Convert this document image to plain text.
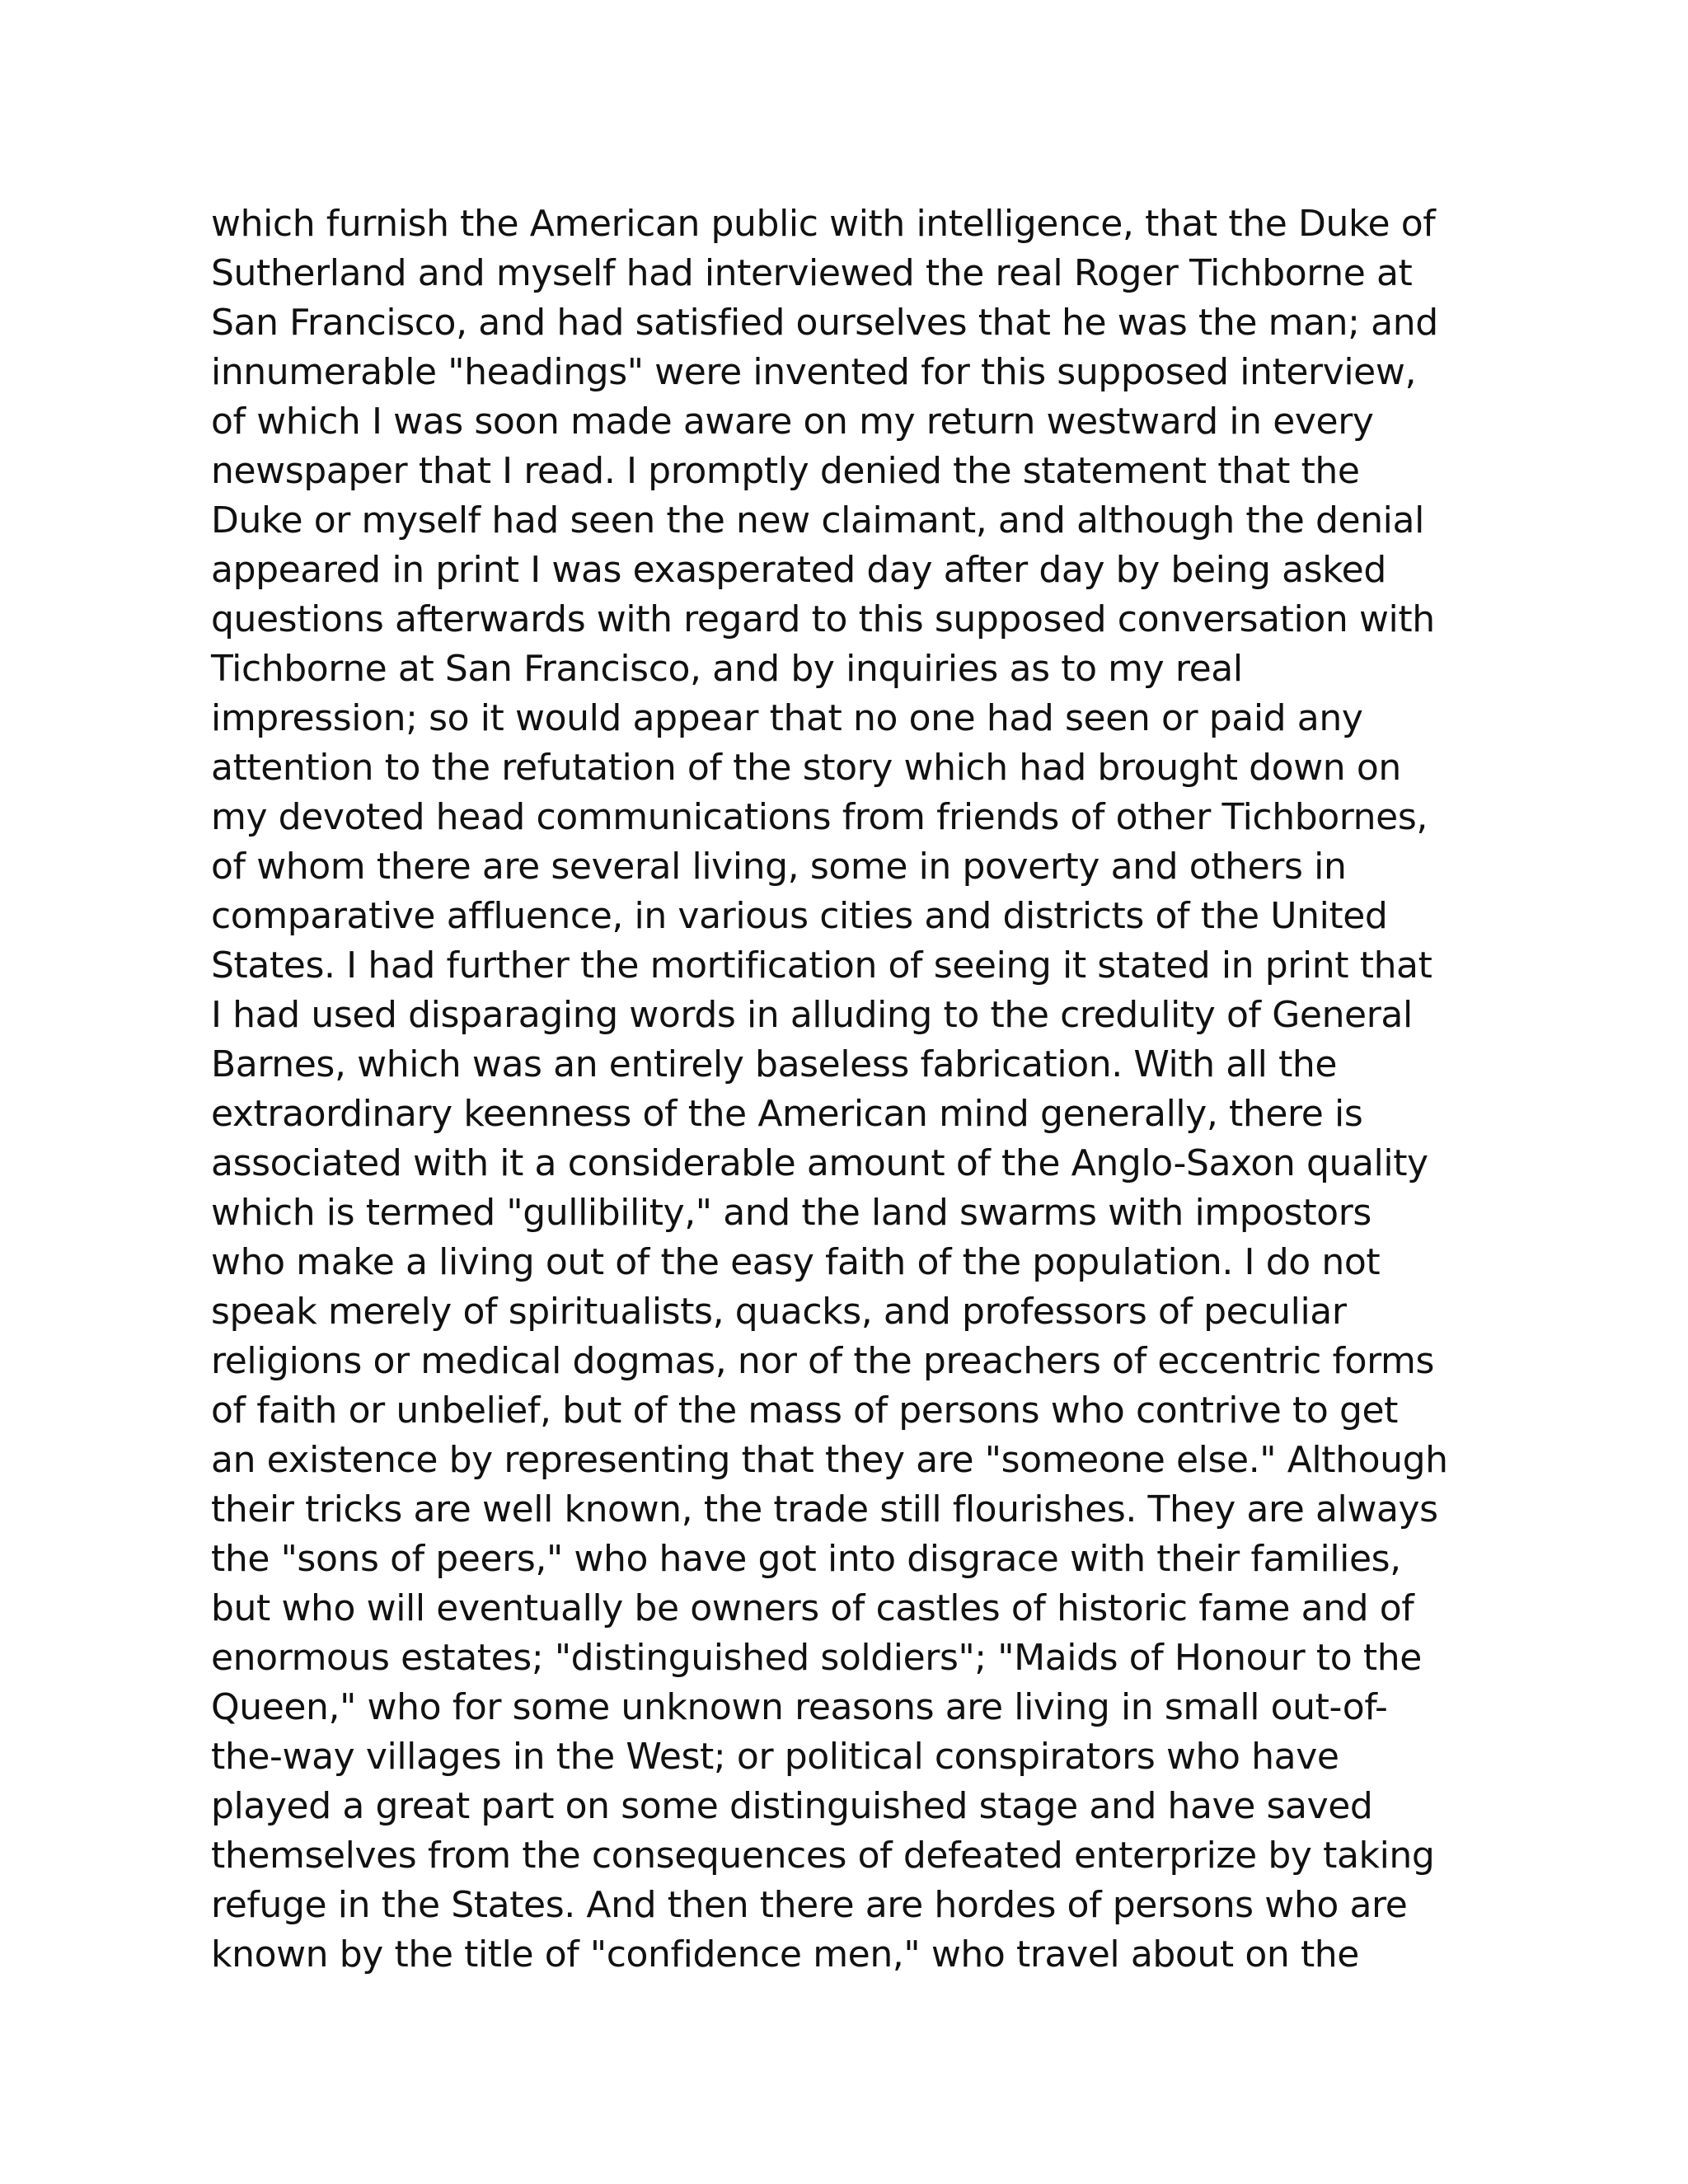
which furnish the American public with intelligence, that the Duke of
Sutherland and myself had interviewed the real Roger Tichborne at
San Francisco, and had satisfied ourselves that he was the man; and
innumerable "headings" were invented for this supposed interview,
of which I was soon made aware on my return westward in every
newspaper that I read. I promptly denied the statement that the
Duke or myself had seen the new claimant, and although the denial
appeared in print I was exasperated day after day by being asked
questions afterwards with regard to this supposed conversation with
Tichborne at San Francisco, and by inquiries as to my real
impression; so it would appear that no one had seen or paid any
attention to the refutation of the story which had brought down on
my devoted head communications from friends of other Tichbornes,
of whom there are several living, some in poverty and others in
comparative affluence, in various cities and districts of the United
States. I had further the mortification of seeing it stated in print that
I had used disparaging words in alluding to the credulity of General
Barnes, which was an entirely baseless fabrication. With all the
extraordinary keenness of the American mind generally, there is
associated with it a considerable amount of the Anglo-Saxon quality
which is termed "gullibility," and the land swarms with impostors
who make a living out of the easy faith of the population. I do not
speak merely of spiritualists, quacks, and professors of peculiar
religions or medical dogmas, nor of the preachers of eccentric forms
of faith or unbelief, but of the mass of persons who contrive to get
an existence by representing that they are "someone else." Although
their tricks are well known, the trade still flourishes. They are always
the "sons of peers," who have got into disgrace with their families,
but who will eventually be owners of castles of historic fame and of
enormous estates; "distinguished soldiers"; "Maids of Honour to the
Queen," who for some unknown reasons are living in small out-of-
the-way villages in the West; or political conspirators who have
played a great part on some distinguished stage and have saved
themselves from the consequences of defeated enterprize by taking
refuge in the States. And then there are hordes of persons who are
known by the title of "confidence men," who travel about on the
